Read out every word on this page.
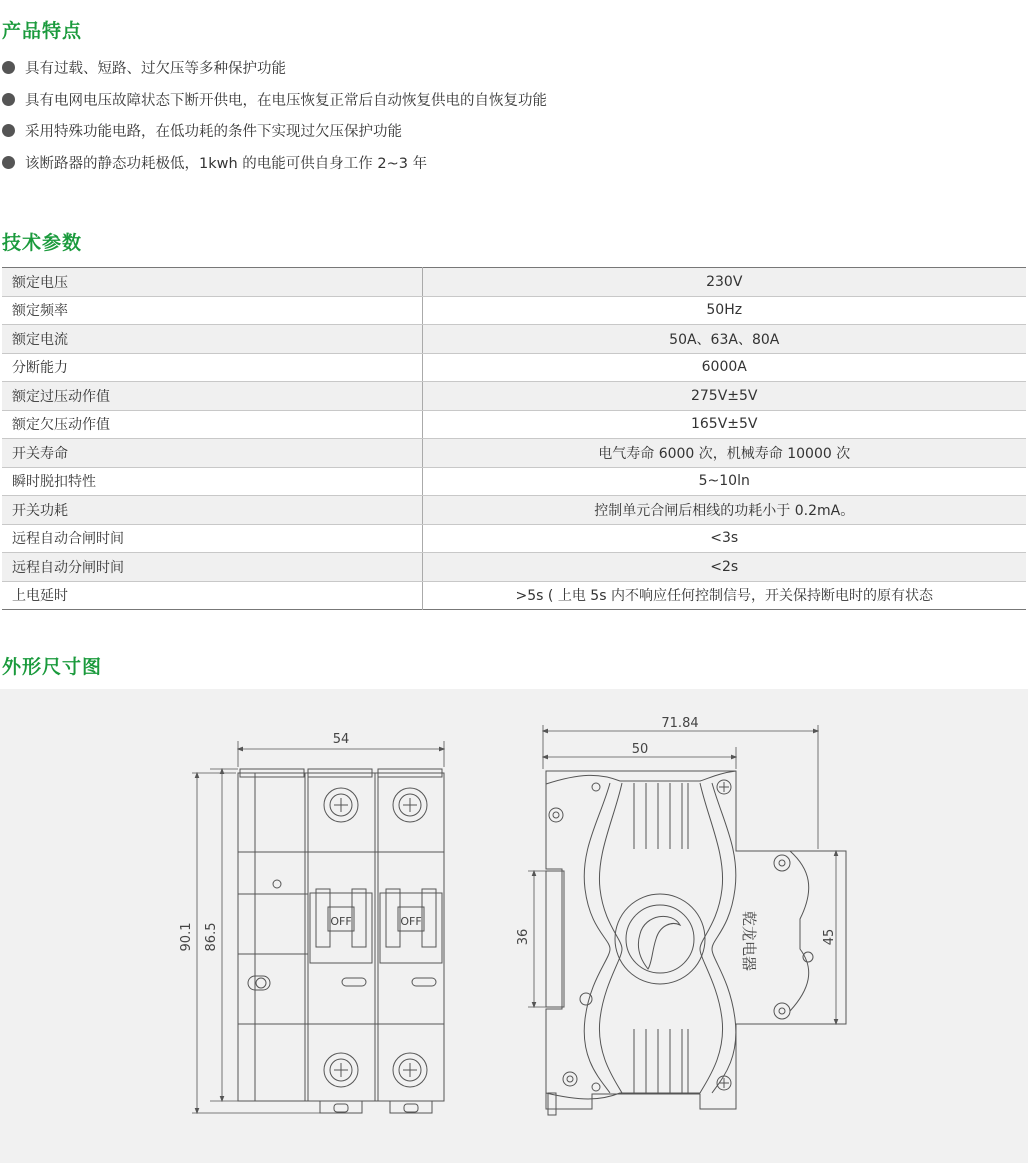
产品特点
具有过载、短路、过欠压等多种保护功能
具有电网电压故障状态下断开供电，在电压恢复正常后自动恢复供电的自恢复功能
采用特殊功能电路，在低功耗的条件下实现过欠压保护功能
该断路器的静态功耗极低，1kwh 的电能可供自身工作 2~3 年
技术参数
额定电压	230V
额定频率	50Hz
额定电流	50A、63A、80A
分断能力	6000A
额定过压动作值	275V±5V
额定欠压动作值	165V±5V
开关寿命	电气寿命 6000 次，机械寿命 10000 次
瞬时脱扣特性	5~10ln
开关功耗	控制单元合闸后相线的功耗小于 0.2mA。
远程自动合闸时间	<3s
远程自动分闸时间	<2s
上电延时	>5s ( 上电 5s 内不响应任何控制信号，开关保持断电时的原有状态
外形尺寸图
54
90.1 86.5
OFF	OFF
71.84
50
36	45
乾龙电器
